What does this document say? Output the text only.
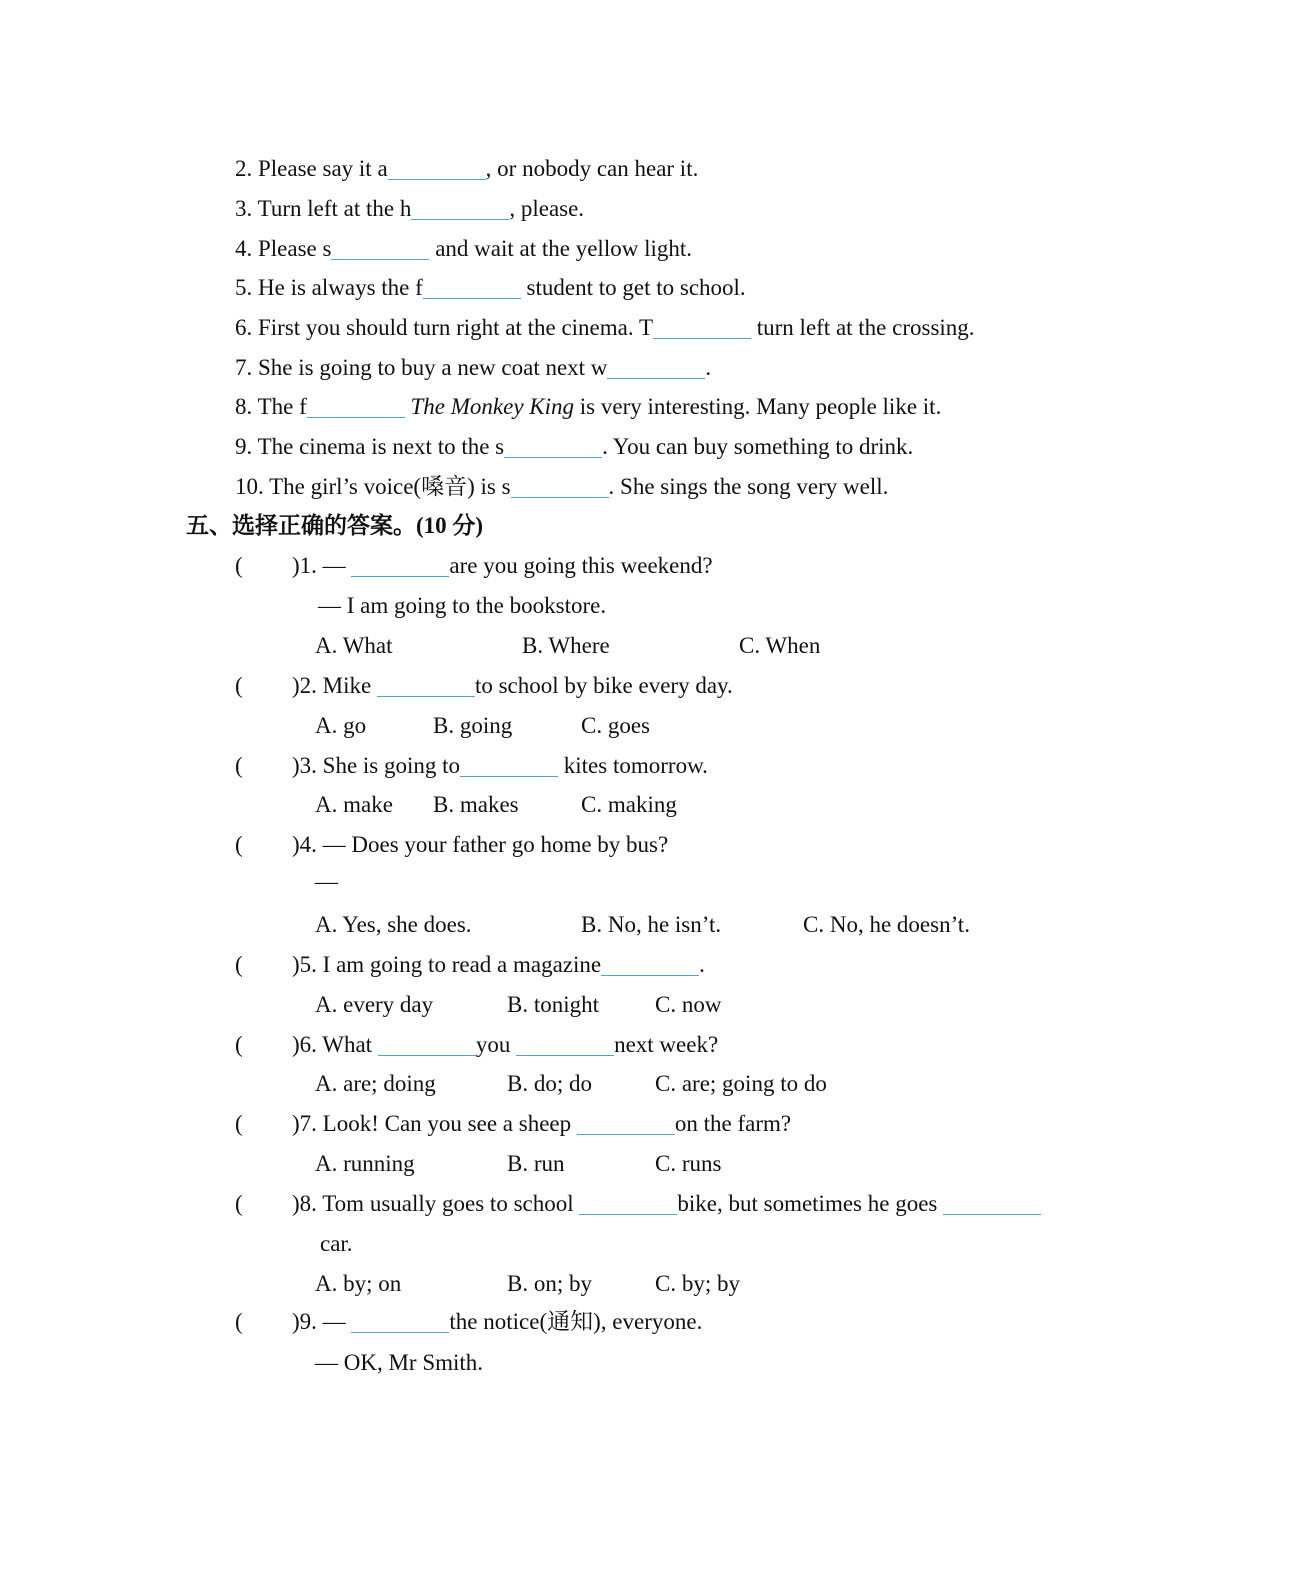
2. Please say it a	, or nobody can hear it.
3. Turn left at the h	, please.
4. Please s	and wait at the yellow light.
5. He is always the f	student to get to school.
6. First you should turn right at the cinema. T	turn left at the crossing.
7. She is going to buy a new coat next w	.
8. The f	The Monkey King is very interesting. Many people like it.
9. The cinema is next to the s	. You can buy something to drink.
10. The girl’s voice(嗓音) is s	. She sings the song very well.
五、选择正确的答案。(10 分)
( )1. —	are you going this weekend?
— I am going to the bookstore.
A. What	B. Where	C. When
( )2. Mike	to school by bike every day.
A. go	B. going	C. goes
( )3. She is going to	kites tomorrow.
A. make B. makes	C. making
( )4. — Does your father go home by bus?
—
A. Yes, she does.	B. No, he isn’t.	C. No, he doesn’t.
( )5. I am going to read a magazine	.
A. every day	B. tonight C. now
( )6. What	you	next week?
A. are; doing	B. do; do	C. are; going to do
( )7. Look! Can you see a sheep	on the farm?
A. running	B. run	C. runs
( )8. Tom usually goes to school	bike, but sometimes he goes
car.
A. by; on	B. on; by	C. by; by
( )9. —	the notice(通知), everyone.
— OK, Mr Smith.
